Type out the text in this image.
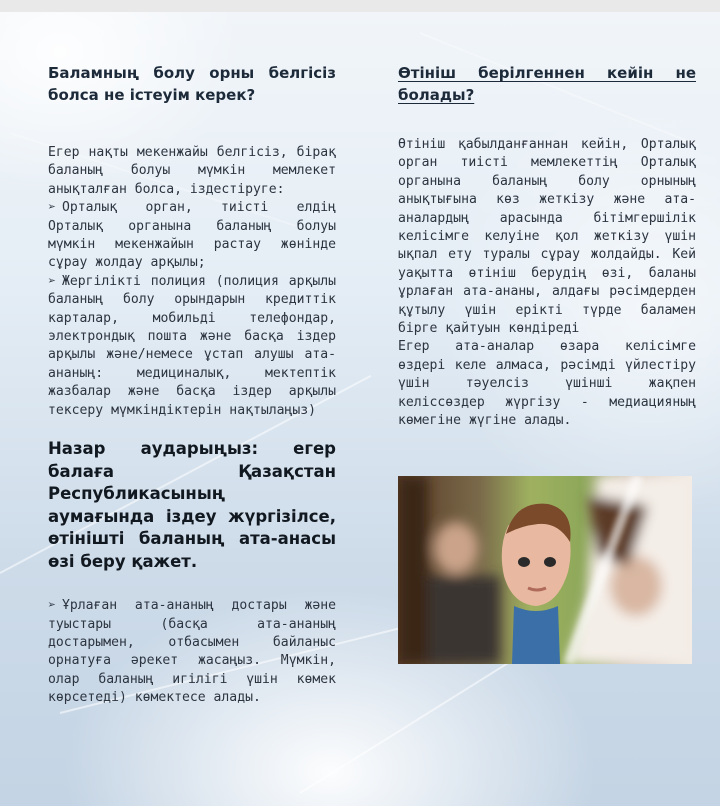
Баламның болу орны белгісіз болса не істеуім керек?

Егер нақты мекенжайы белгісіз, бірақ баланың болуы мүмкін мемлекет анықталған болса, іздестіруге:

➢ Орталық орган, тиісті елдің Орталық органына баланың болуы мүмкін мекенжайын растау жөнінде сұрау жолдау арқылы;

➢ Жергілікті полиция (полиция арқылы баланың болу орындарын кредиттік карталар, мобильді телефондар, электрондық пошта және басқа іздер арқылы және/немесе ұстап алушы ата-ананың: медициналық, мектептік жазбалар және басқа іздер арқылы тексеру мүмкіндіктерін нақтылаңыз)

Назар аударыңыз: егер балаға Қазақстан Республикасының аумағында іздеу жүргізілсе, өтінішті баланың ата-анасы өзі беру қажет.

➢ Ұрлаған ата-ананың достары және туыстары (басқа ата-ананың достарымен, отбасымен байланыс орнатуға әрекет жасаңыз. Мүмкін, олар баланың игілігі үшін көмек көрсетеді) көмектесе алады.

Өтініш берілгеннен кейін не болады?

Өтініш қабылданғаннан кейін, Орталық орган тиісті мемлекеттің Орталық органына баланың болу орнының анықтығына көз жеткізу және ата-аналардың арасында бітімгершілік келісімге келуіне қол жеткізу үшін ықпал ету туралы сұрау жолдайды. Кей уақытта өтініш берудің өзі, баланы ұрлаған ата-ананы, алдағы рәсімдерден құтылу үшін ерікті түрде баламен бірге қайтуын көндіреді

Егер ата-аналар өзара келісімге өздері келе алмаса, рәсімді үйлестіру үшін тәуелсіз үшінші жақпен келіссөздер жүргізу - медиацияның көмегіне жүгіне алады.
